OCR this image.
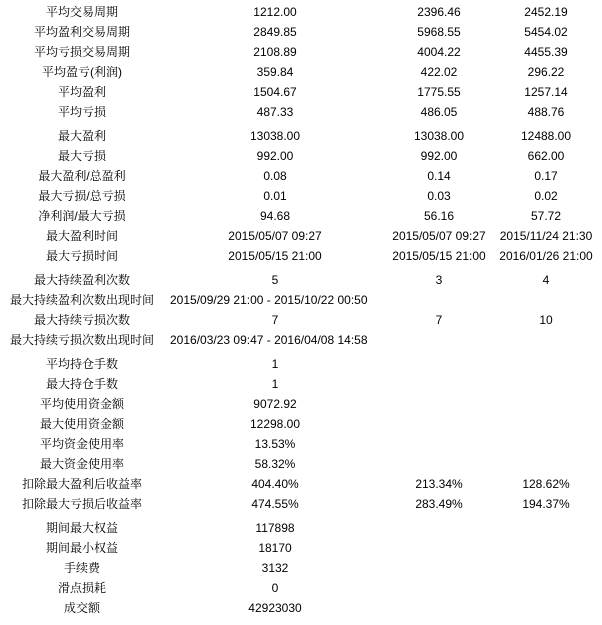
平均交易周期	1212.00	2396.46	2452.19
平均盈利交易周期	2849.85	5968.55	5454.02
平均亏损交易周期	2108.89	4004.22	4455.39
平均盈亏(利润)	359.84	422.02	296.22
平均盈利	1504.67	1775.55	1257.14
平均亏损	487.33	486.05	488.76
最大盈利	13038.00	13038.00	12488.00
最大亏损	992.00	992.00	662.00
最大盈利/总盈利	0.08	0.14	0.17
最大亏损/总亏损	0.01	0.03	0.02
净利润/最大亏损	94.68	56.16	57.72
最大盈利时间	2015/05/07 09:27	2015/05/07 09:27	2015/11/24 21:30
最大亏损时间	2015/05/15 21:00	2015/05/15 21:00	2016/01/26 21:00
最大持续盈利次数	5	3	4
最大持续盈利次数出现时间	2015/09/29 21:00 - 2015/10/22 00:50
最大持续亏损次数	7	7	10
最大持续亏损次数出现时间	2016/03/23 09:47 - 2016/04/08 14:58
平均持仓手数	1
最大持仓手数	1
平均使用资金额	9072.92
最大使用资金额	12298.00
平均资金使用率	13.53%
最大资金使用率	58.32%
扣除最大盈利后收益率	404.40%	213.34%	128.62%
扣除最大亏损后收益率	474.55%	283.49%	194.37%
期间最大权益	117898
期间最小权益	18170
手续费	3132
滑点损耗	0
成交额	42923030
